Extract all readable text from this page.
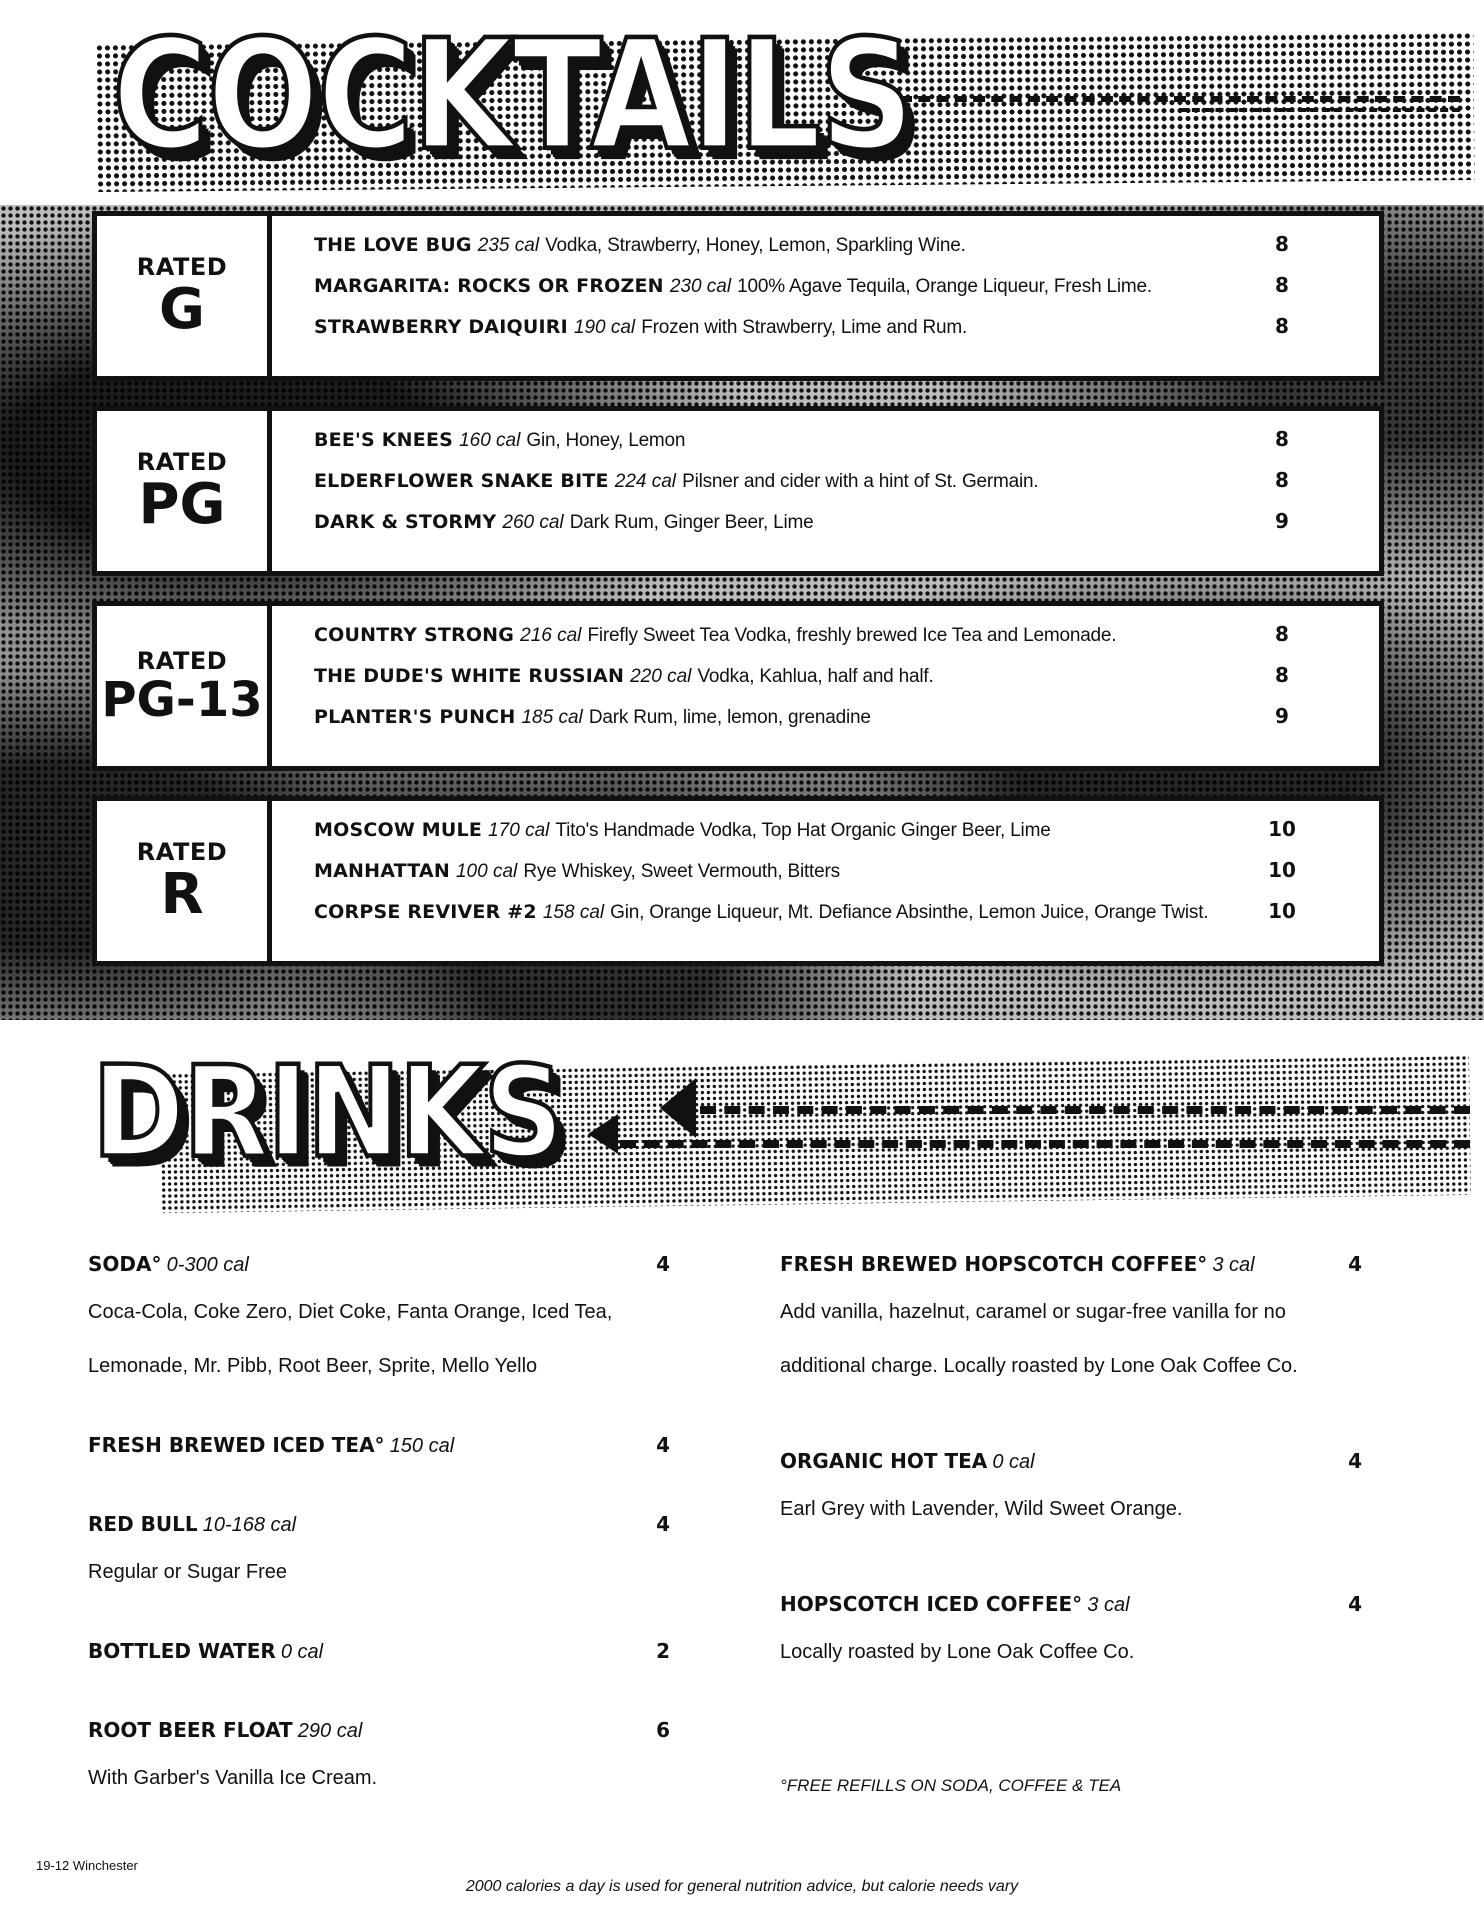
COCKTAILS
RATED
G
THE LOVE BUG 235 cal Vodka, Strawberry, Honey, Lemon, Sparkling Wine.	8
MARGARITA: ROCKS OR FROZEN 230 cal 100% Agave Tequila, Orange Liqueur, Fresh Lime.	8
STRAWBERRY DAIQUIRI 190 cal Frozen with Strawberry, Lime and Rum.	8
RATED
PG
BEE'S KNEES 160 cal Gin, Honey, Lemon	8
ELDERFLOWER SNAKE BITE 224 cal Pilsner and cider with a hint of St. Germain.	8
DARK & STORMY 260 cal Dark Rum, Ginger Beer, Lime	9
RATED
PG-13
COUNTRY STRONG 216 cal Firefly Sweet Tea Vodka, freshly brewed Ice Tea and Lemonade.	8
THE DUDE'S WHITE RUSSIAN 220 cal Vodka, Kahlua, half and half.	8
PLANTER'S PUNCH 185 cal Dark Rum, lime, lemon, grenadine	9
RATED
R
MOSCOW MULE 170 cal Tito's Handmade Vodka, Top Hat Organic Ginger Beer, Lime	10
MANHATTAN 100 cal Rye Whiskey, Sweet Vermouth, Bitters	10
CORPSE REVIVER #2 158 cal Gin, Orange Liqueur, Mt. Defiance Absinthe, Lemon Juice, Orange Twist.	10
DRINKS
SODA° 0-300 cal	4
Coca-Cola, Coke Zero, Diet Coke, Fanta Orange, Iced Tea, Lemonade, Mr. Pibb, Root Beer, Sprite, Mello Yello
FRESH BREWED ICED TEA° 150 cal	4
RED BULL 10-168 cal	4
Regular or Sugar Free
BOTTLED WATER 0 cal	2
ROOT BEER FLOAT 290 cal	6
With Garber's Vanilla Ice Cream.
FRESH BREWED HOPSCOTCH COFFEE° 3 cal	4
Add vanilla, hazelnut, caramel or sugar-free vanilla for no additional charge. Locally roasted by Lone Oak Coffee Co.
ORGANIC HOT TEA 0 cal	4
Earl Grey with Lavender, Wild Sweet Orange.
HOPSCOTCH ICED COFFEE° 3 cal	4
Locally roasted by Lone Oak Coffee Co.
°FREE REFILLS ON SODA, COFFEE & TEA
19-12 Winchester
2000 calories a day is used for general nutrition advice, but calorie needs vary
